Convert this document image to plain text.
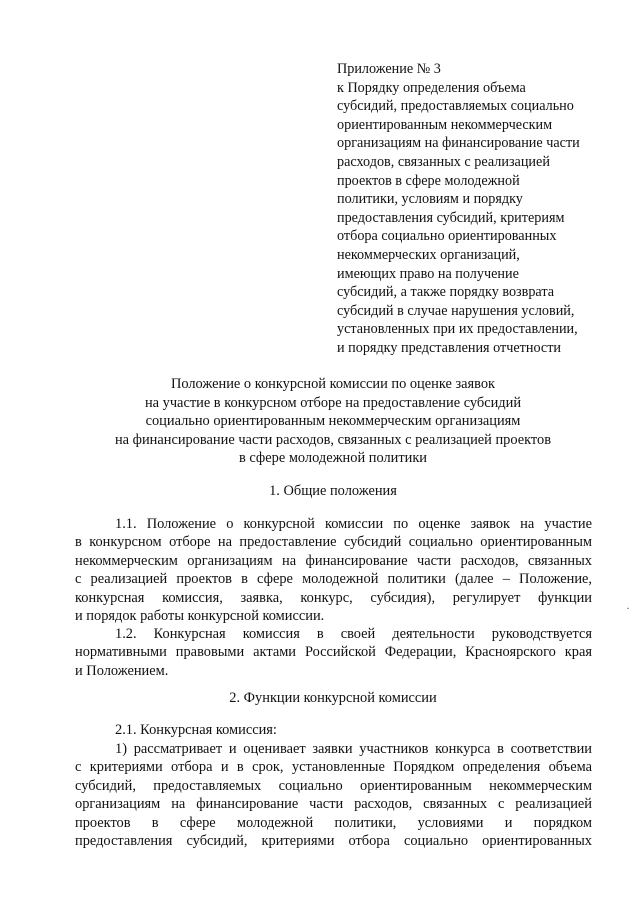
Приложение № 3
к Порядку определения объема
субсидий, предоставляемых социально
ориентированным некоммерческим
организациям на финансирование части
расходов, связанных с реализацией
проектов в сфере молодежной
политики, условиям и порядку
предоставления субсидий, критериям
отбора социально ориентированных
некоммерческих организаций,
имеющих право на получение
субсидий, а также порядку возврата
субсидий в случае нарушения условий,
установленных при их предоставлении,
и порядку представления отчетности
Положение о конкурсной комиссии по оценке заявок
на участие в конкурсном отборе на предоставление субсидий
социально ориентированным некоммерческим организациям
на финансирование части расходов, связанных с реализацией проектов
в сфере молодежной политики
1. Общие положения
1.1. Положение о конкурсной комиссии по оценке заявок на участие
в конкурсном отборе на предоставление субсидий социально ориентированным
некоммерческим организациям на финансирование части расходов, связанных
с реализацией проектов в сфере молодежной политики (далее – Положение,
конкурсная комиссия, заявка, конкурс, субсидия), регулирует функции
и порядок работы конкурсной комиссии.
1.2. Конкурсная комиссия в своей деятельности руководствуется
нормативными правовыми актами Российской Федерации, Красноярского края
и Положением.
2. Функции конкурсной комиссии
2.1. Конкурсная комиссия:
1) рассматривает и оценивает заявки участников конкурса в соответствии
с критериями отбора и в срок, установленные Порядком определения объема
субсидий, предоставляемых социально ориентированным некоммерческим
организациям на финансирование части расходов, связанных с реализацией
проектов в сфере молодежной политики, условиями и порядком
предоставления субсидий, критериями отбора социально ориентированных
·
